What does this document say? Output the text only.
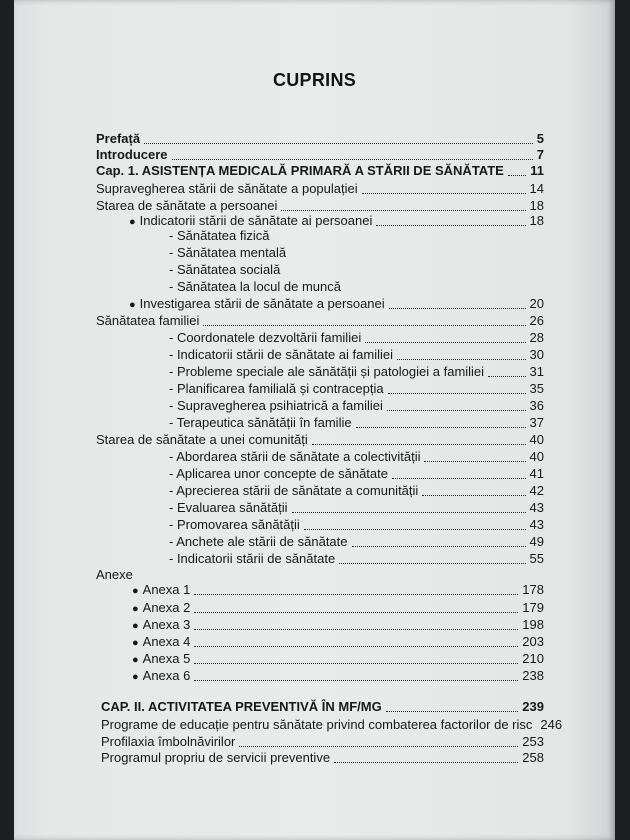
CUPRINS
Prefață	5
Introducere	7
Cap. 1. ASISTENȚA MEDICALĂ PRIMARĂ A STĂRII DE SĂNĂTATE 11
Supravegherea stării de sănătate a populației	14
Starea de sănătate a persoanei	18
● Indicatorii stării de sănătate ai persoanei	18
- Sănătatea fizică
- Sănătatea mentală
- Sănătatea socială
- Sănătatea la locul de muncă
● Investigarea stării de sănătate a persoanei	20
Sănătatea familiei	26
- Coordonatele dezvoltării familiei	28
- Indicatorii stării de sănătate ai familiei	30
- Probleme speciale ale sănătății și patologiei a familiei	31
- Planificarea familială și contracepția	35
- Supravegherea psihiatrică a familiei	36
- Terapeutica sănătății în familie	37
Starea de sănătate a unei comunități	40
- Abordarea stării de sănătate a colectivității	40
- Aplicarea unor concepte de sănătate	41
- Aprecierea stării de sănătate a comunității	42
- Evaluarea sănătății	43
- Promovarea sănătății	43
- Anchete ale stării de sănătate	49
- Indicatorii stării de sănătate	55
Anexe
● Anexa 1	178
● Anexa 2	179
● Anexa 3	198
● Anexa 4	203
● Anexa 5	210
● Anexa 6	238
CAP. II. ACTIVITATEA PREVENTIVĂ ÎN MF/MG	239
Programe de educație pentru sănătate privind combaterea factorilor de risc 246
Profilaxia îmbolnăvirilor	253
Programul propriu de servicii preventive	258
